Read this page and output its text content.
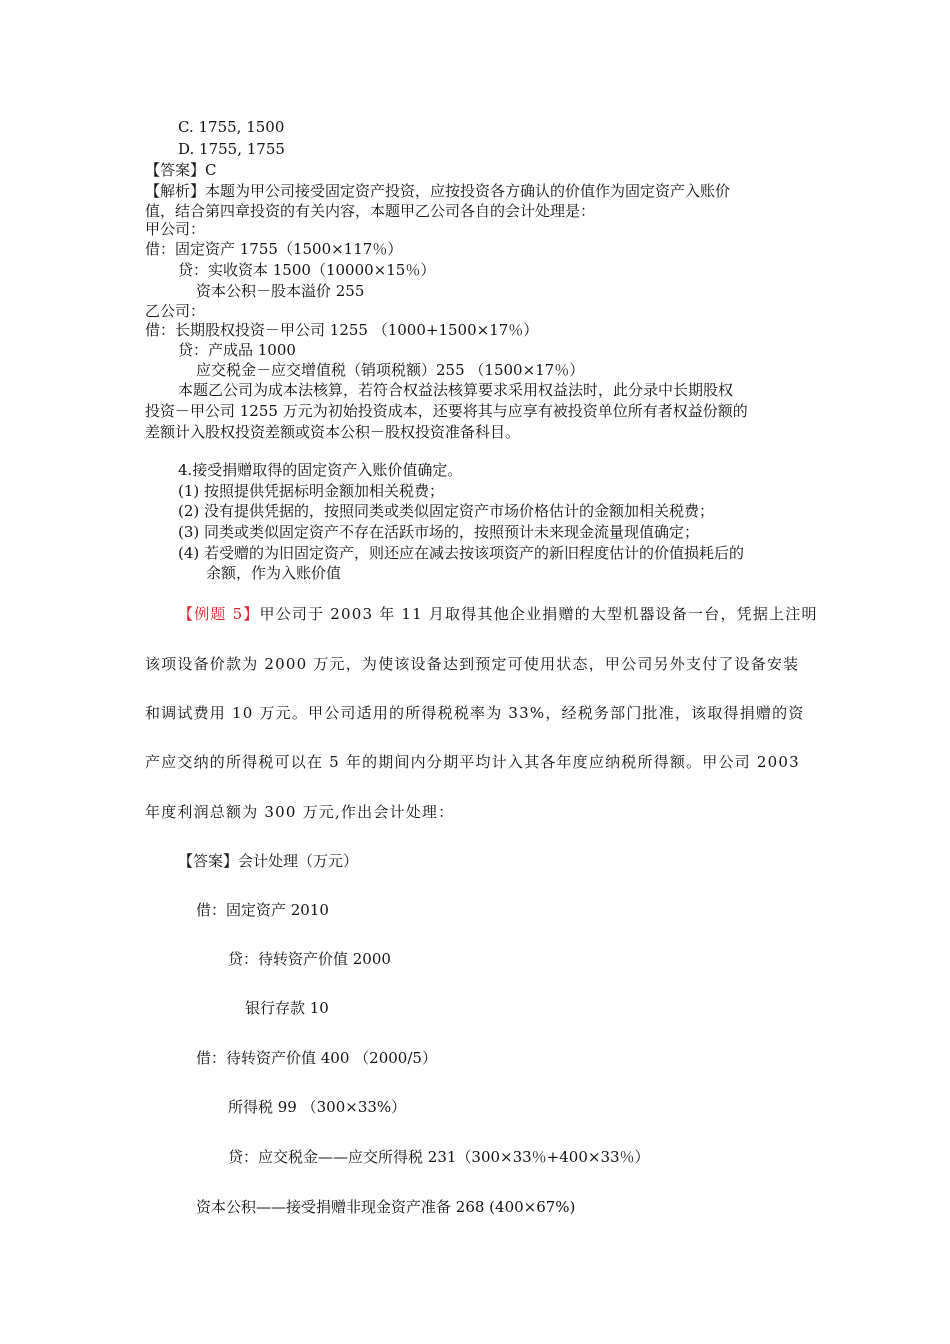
C. 1755, 1500
D. 1755, 1755
【答案】C
【解析】本题为甲公司接受固定资产投资，应按投资各方确认的价值作为固定资产入账价
值，结合第四章投资的有关内容，本题甲乙公司各自的会计处理是：
甲公司：
借：固定资产 1755（1500×117％）
贷：实收资本 1500（10000×15％）
资本公积－股本溢价 255
乙公司：
借：长期股权投资－甲公司 1255 （1000+1500×17％）
贷：产成品 1000
应交税金－应交增值税（销项税额）255 （1500×17％）
本题乙公司为成本法核算，若符合权益法核算要求采用权益法时，此分录中长期股权
投资－甲公司 1255 万元为初始投资成本，还要将其与应享有被投资单位所有者权益份额的
差额计入股权投资差额或资本公积－股权投资准备科目。
4.接受捐赠取得的固定资产入账价值确定。
(1) 按照提供凭据标明金额加相关税费；
(2) 没有提供凭据的，按照同类或类似固定资产市场价格估计的金额加相关税费；
(3) 同类或类似固定资产不存在活跃市场的，按照预计未来现金流量现值确定；
(4) 若受赠的为旧固定资产，则还应在减去按该项资产的新旧程度估计的价值损耗后的
余额，作为入账价值
【例题 5】甲公司于 2003 年 11 月取得其他企业捐赠的大型机器设备一台，凭据上注明
该项设备价款为 2000 万元，为使该设备达到预定可使用状态，甲公司另外支付了设备安装
和调试费用 10 万元。甲公司适用的所得税税率为 33%，经税务部门批准，该取得捐赠的资
产应交纳的所得税可以在 5 年的期间内分期平均计入其各年度应纳税所得额。甲公司 2003
年度利润总额为 300 万元,作出会计处理：
【答案】会计处理（万元）
借：固定资产 2010
贷：待转资产价值 2000
银行存款 10
借：待转资产价值 400 （2000/5）
所得税 99 （300×33%）
贷：应交税金——应交所得税 231（300×33％+400×33％）
资本公积——接受捐赠非现金资产准备 268 (400×67%)
